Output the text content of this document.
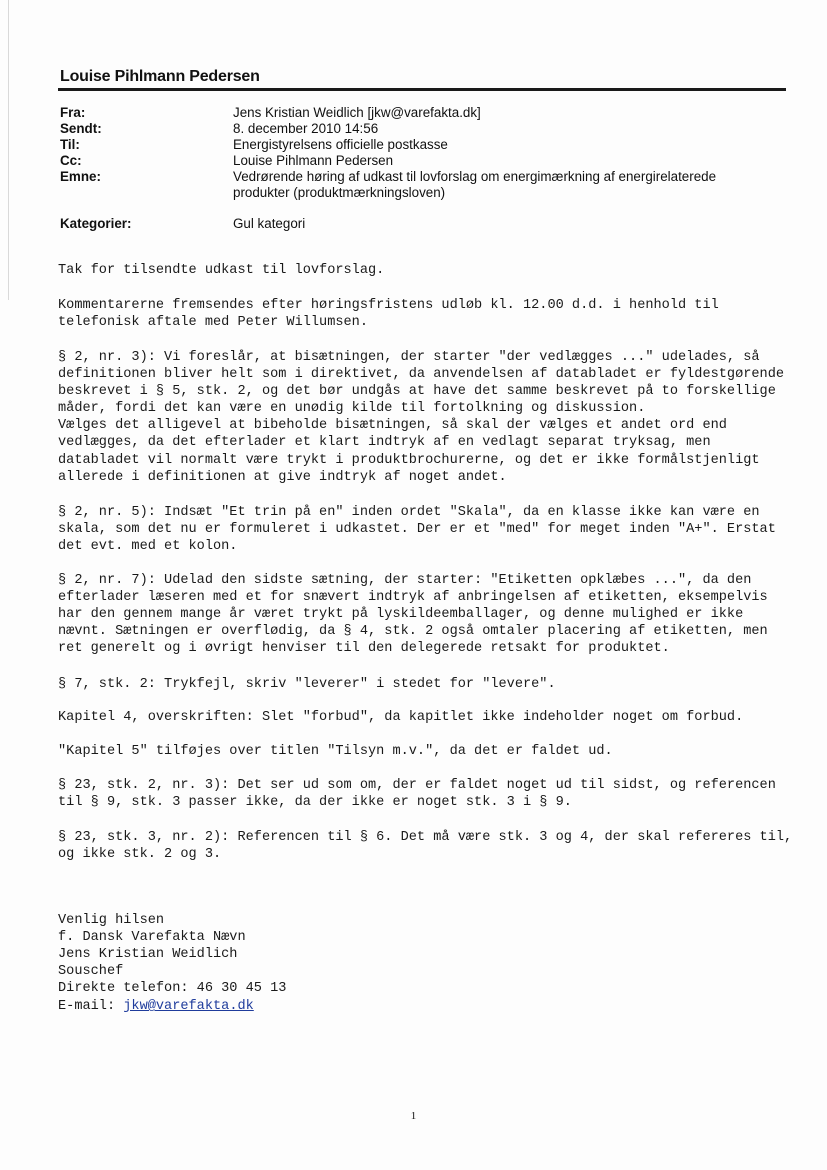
Louise Pihlmann Pedersen
Fra:	Jens Kristian Weidlich [jkw@varefakta.dk]
Sendt:	8. december 2010 14:56
Til:	Energistyrelsens officielle postkasse
Cc:	Louise Pihlmann Pedersen
Emne:	Vedrørende høring af udkast til lovforslag om energimærkning af energirelaterede
produkter (produktmærkningsloven)
Kategorier:	Gul kategori
Tak for tilsendte udkast til lovforslag.
Kommentarerne fremsendes efter høringsfristens udløb kl. 12.00 d.d. i henhold til
telefonisk aftale med Peter Willumsen.
§ 2, nr. 3): Vi foreslår, at bisætningen, der starter "der vedlægges ..." udelades, så
definitionen bliver helt som i direktivet, da anvendelsen af databladet er fyldestgørende
beskrevet i § 5, stk. 2, og det bør undgås at have det samme beskrevet på to forskellige
måder, fordi det kan være en unødig kilde til fortolkning og diskussion.
Vælges det alligevel at bibeholde bisætningen, så skal der vælges et andet ord end
vedlægges, da det efterlader et klart indtryk af en vedlagt separat tryksag, men
databladet vil normalt være trykt i produktbrochurerne, og det er ikke formålstjenligt
allerede i definitionen at give indtryk af noget andet.
§ 2, nr. 5): Indsæt "Et trin på en" inden ordet "Skala", da en klasse ikke kan være en
skala, som det nu er formuleret i udkastet. Der er et "med" for meget inden "A+". Erstat
det evt. med et kolon.
§ 2, nr. 7): Udelad den sidste sætning, der starter: "Etiketten opklæbes ...", da den
efterlader læseren med et for snævert indtryk af anbringelsen af etiketten, eksempelvis
har den gennem mange år været trykt på lyskildeemballager, og denne mulighed er ikke
nævnt. Sætningen er overflødig, da § 4, stk. 2 også omtaler placering af etiketten, men
ret generelt og i øvrigt henviser til den delegerede retsakt for produktet.
§ 7, stk. 2: Trykfejl, skriv "leverer" i stedet for "levere".
Kapitel 4, overskriften: Slet "forbud", da kapitlet ikke indeholder noget om forbud.
"Kapitel 5" tilføjes over titlen "Tilsyn m.v.", da det er faldet ud.
§ 23, stk. 2, nr. 3): Det ser ud som om, der er faldet noget ud til sidst, og referencen
til § 9, stk. 3 passer ikke, da der ikke er noget stk. 3 i § 9.
§ 23, stk. 3, nr. 2): Referencen til § 6. Det må være stk. 3 og 4, der skal refereres til,
og ikke stk. 2 og 3.
Venlig hilsen
f. Dansk Varefakta Nævn
Jens Kristian Weidlich
Souschef
Direkte telefon: 46 30 45 13
E-mail: jkw@varefakta.dk
1
